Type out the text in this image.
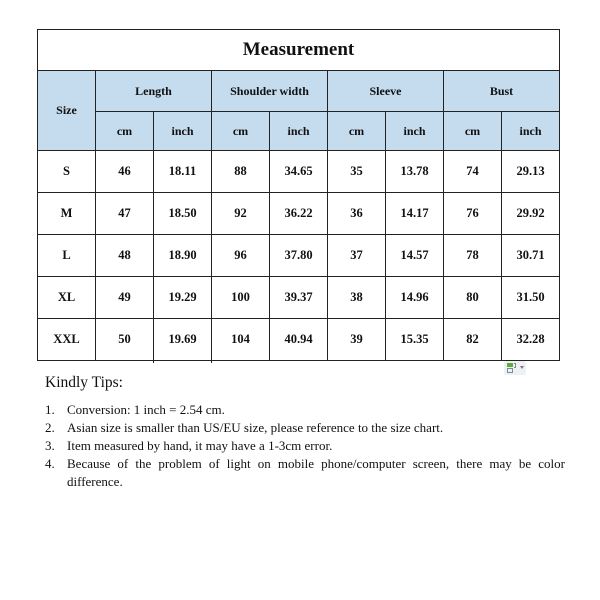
Measurement								
Size	Length		Shoulder width		Sleeve		Bust	
	cm	inch	cm	inch	cm	inch	cm	inch
S	46	18.11	88	34.65	35	13.78	74	29.13
M	47	18.50	92	36.22	36	14.17	76	29.92
L	48	18.90	96	37.80	37	14.57	78	30.71
XL	49	19.29	100	39.37	38	14.96	80	31.50
XXL	50	19.69	104	40.94	39	15.35	82	32.28
Kindly Tips:
1. Conversion: 1 inch = 2.54 cm.
2. Asian size is smaller than US/EU size, please reference to the size chart.
3. Item measured by hand, it may have a 1-3cm error.
4. Because of the problem of light on mobile phone/computer screen, there may be color difference.
